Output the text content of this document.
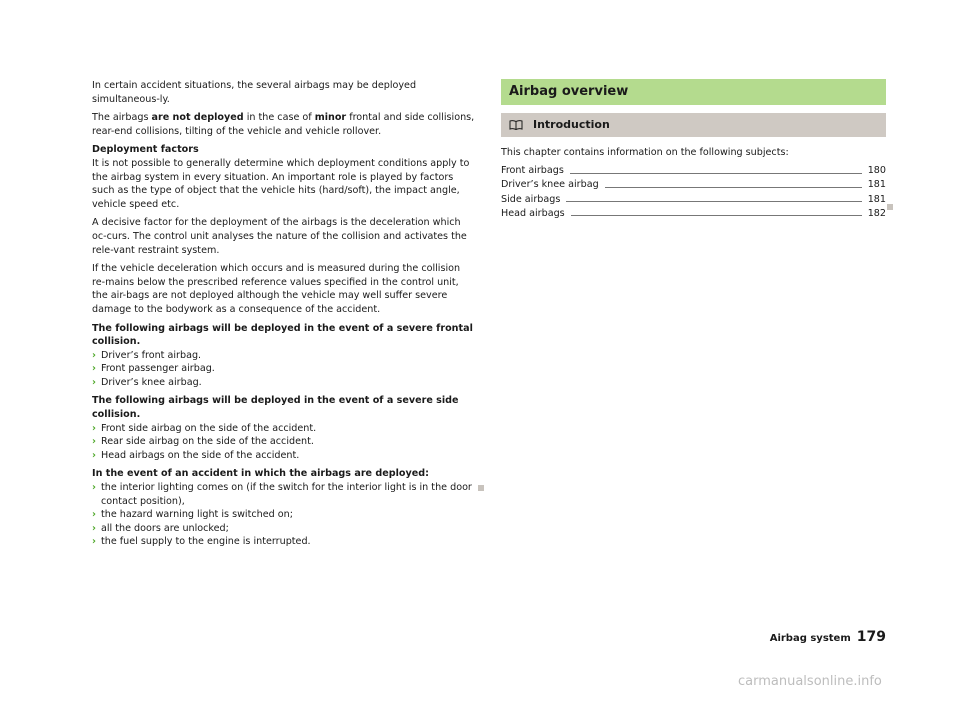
In certain accident situations, the several airbags may be deployed simultaneous-ly.

The airbags are not deployed in the case of minor frontal and side collisions, rear-end collisions, tilting of the vehicle and vehicle rollover.

Deployment factors
It is not possible to generally determine which deployment conditions apply to the airbag system in every situation. An important role is played by factors such as the type of object that the vehicle hits (hard/soft), the impact angle, vehicle speed etc.

A decisive factor for the deployment of the airbags is the deceleration which oc-curs. The control unit analyses the nature of the collision and activates the rele-vant restraint system.

If the vehicle deceleration which occurs and is measured during the collision re-mains below the prescribed reference values specified in the control unit, the air-bags are not deployed although the vehicle may well suffer severe damage to the bodywork as a consequence of the accident.

The following airbags will be deployed in the event of a severe frontal collision.
› Driver’s front airbag.
› Front passenger airbag.
› Driver’s knee airbag.
The following airbags will be deployed in the event of a severe side collision.
› Front side airbag on the side of the accident.
› Rear side airbag on the side of the accident.
› Head airbags on the side of the accident.
In the event of an accident in which the airbags are deployed:
› the interior lighting comes on (if the switch for the interior light is in the door contact position),
› the hazard warning light is switched on;
› all the doors are unlocked;
› the fuel supply to the engine is interrupted.
Airbag overview
Introduction

This chapter contains information on the following subjects:

Front airbags	180
Driver’s knee airbag	181
Side airbags	181
Head airbags	182
Airbag system 179
carmanualsonline.info
